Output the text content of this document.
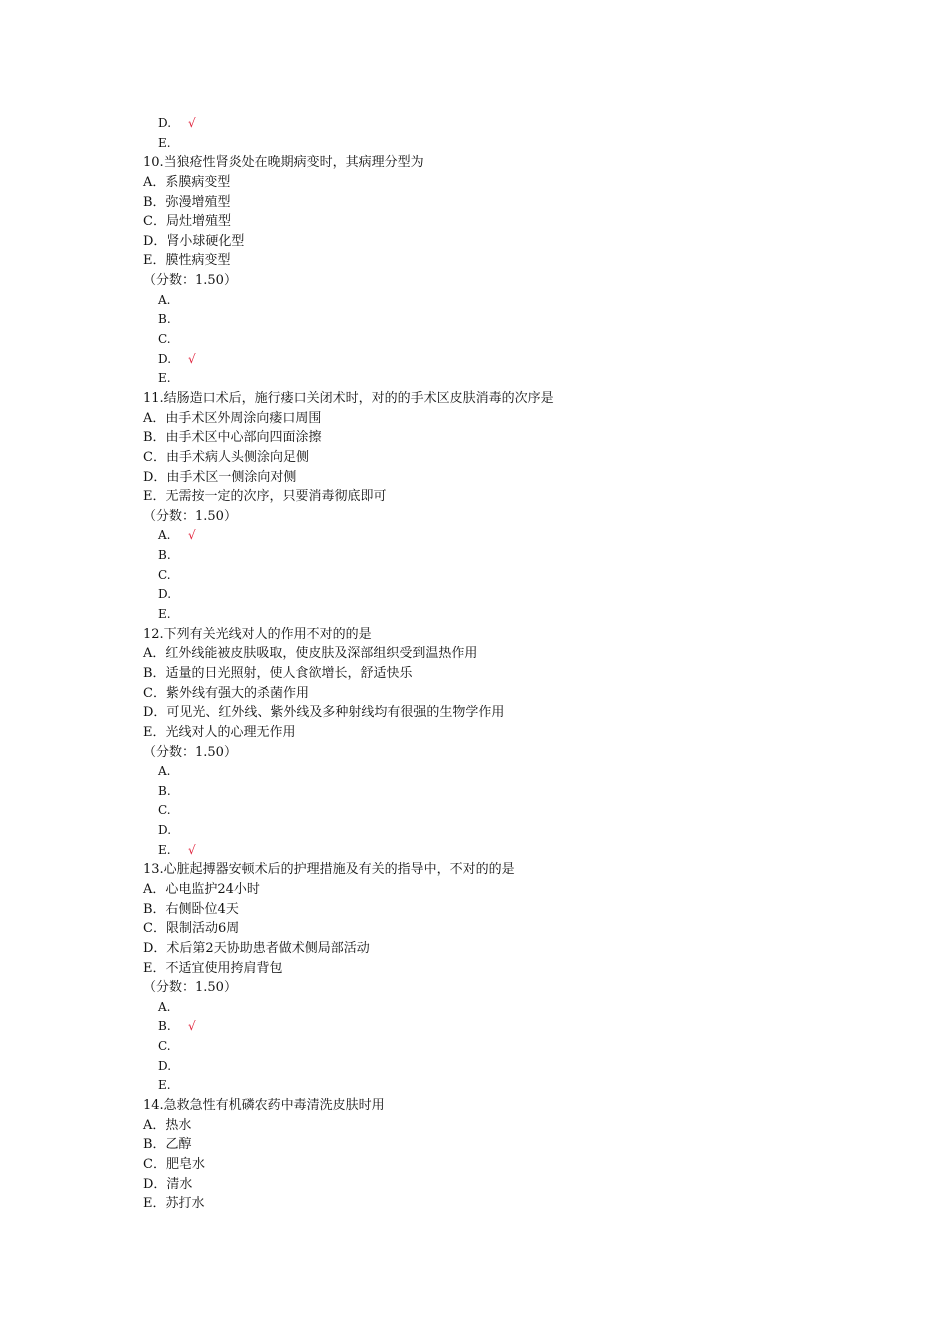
D. √
E.
10.当狼疮性肾炎处在晚期病变时，其病理分型为
A．系膜病变型
B．弥漫增殖型
C．局灶增殖型
D．肾小球硬化型
E．膜性病变型
（分数：1.50）
A.
B.
C.
D. √
E.
11.结肠造口术后，施行瘘口关闭术时，对的的手术区皮肤消毒的次序是
A．由手术区外周涂向瘘口周围
B．由手术区中心部向四面涂擦
C．由手术病人头侧涂向足侧
D．由手术区一侧涂向对侧
E．无需按一定的次序，只要消毒彻底即可
（分数：1.50）
A. √
B.
C.
D.
E.
12.下列有关光线对人的作用不对的的是
A．红外线能被皮肤吸取，使皮肤及深部组织受到温热作用
B．适量的日光照射，使人食欲增长，舒适快乐
C．紫外线有强大的杀菌作用
D．可见光、红外线、紫外线及多种射线均有很强的生物学作用
E．光线对人的心理无作用
（分数：1.50）
A.
B.
C.
D.
E. √
13.心脏起搏器安顿术后的护理措施及有关的指导中，不对的的是
A．心电监护24小时
B．右侧卧位4天
C．限制活动6周
D．术后第2天协助患者做术侧局部活动
E．不适宜使用挎肩背包
（分数：1.50）
A.
B. √
C.
D.
E.
14.急救急性有机磷农药中毒清洗皮肤时用
A．热水
B．乙醇
C．肥皂水
D．清水
E．苏打水
